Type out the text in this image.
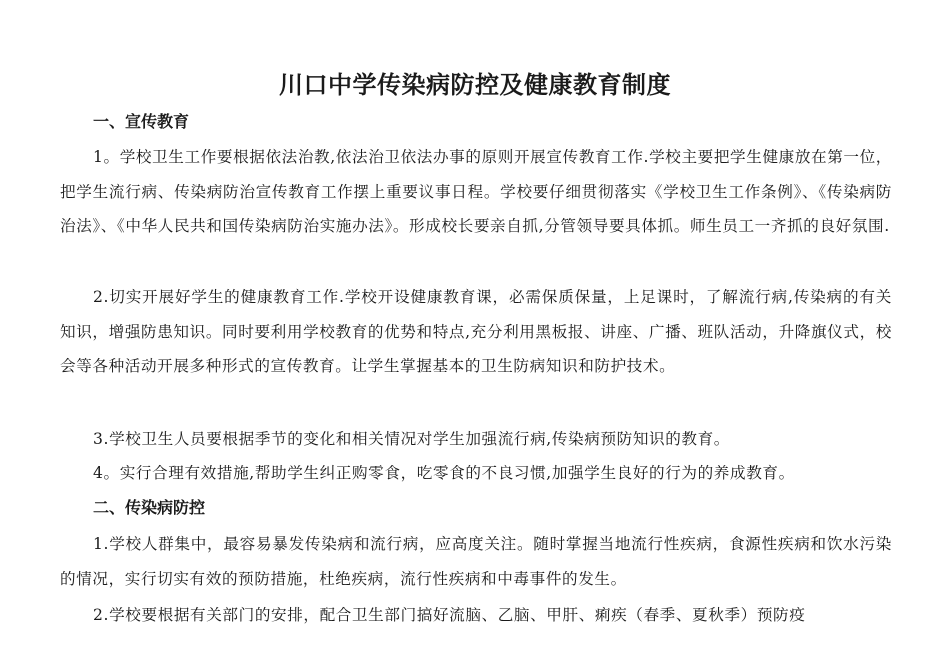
川口中学传染病防控及健康教育制度
一、宣传教育

1。学校卫生工作要根据依法治教,依法治卫依法办事的原则开展宣传教育工作.学校主要把学生健康放在第一位，把学生流行病、传染病防治宣传教育工作摆上重要议事日程。学校要仔细贯彻落实《学校卫生工作条例》、《传染病防治法》、《中华人民共和国传染病防治实施办法》。形成校长要亲自抓,分管领导要具体抓。师生员工一齐抓的良好氛围.

2.切实开展好学生的健康教育工作.学校开设健康教育课，必需保质保量，上足课时，了解流行病,传染病的有关知识，增强防患知识。同时要利用学校教育的优势和特点,充分利用黑板报、讲座、广播、班队活动，升降旗仪式，校会等各种活动开展多种形式的宣传教育。让学生掌握基本的卫生防病知识和防护技术。

3.学校卫生人员要根据季节的变化和相关情况对学生加强流行病,传染病预防知识的教育。

4。实行合理有效措施,帮助学生纠正购零食，吃零食的不良习惯,加强学生良好的行为的养成教育。

二、传染病防控

1.学校人群集中，最容易暴发传染病和流行病，应高度关注。随时掌握当地流行性疾病，食源性疾病和饮水污染的情况，实行切实有效的预防措施，杜绝疾病，流行性疾病和中毒事件的发生。

2.学校要根据有关部门的安排，配合卫生部门搞好流脑、乙脑、甲肝、痢疾（春季、夏秋季）预防疫
